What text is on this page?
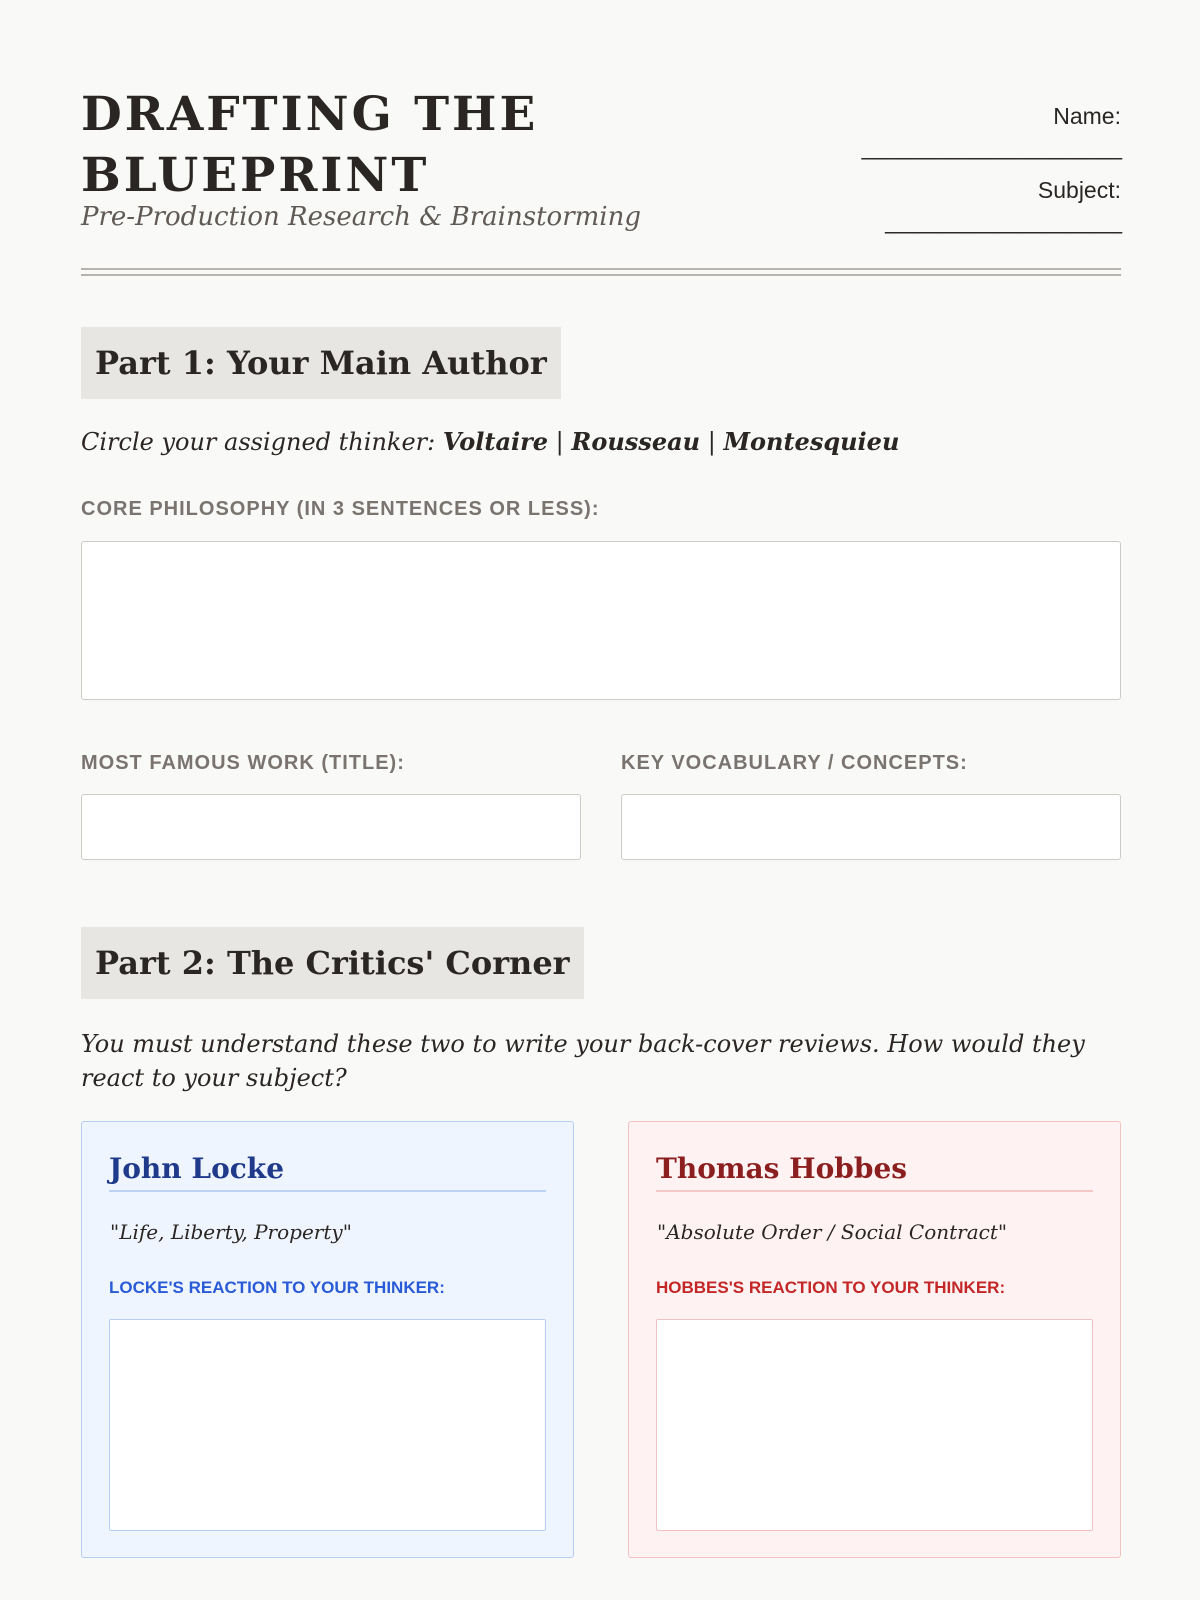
DRAFTING THE
BLUEPRINT
Pre-Production Research & Brainstorming
Name:
______________________
Subject:
____________________
Part 1: Your Main Author
Circle your assigned thinker: Voltaire | Rousseau | Montesquieu
CORE PHILOSOPHY (IN 3 SENTENCES OR LESS):
MOST FAMOUS WORK (TITLE):	KEY VOCABULARY / CONCEPTS:
Part 2: The Critics' Corner
You must understand these two to write your back-cover reviews. How would they react to your subject?
John Locke
"Life, Liberty, Property"
LOCKE'S REACTION TO YOUR THINKER:
Thomas Hobbes
"Absolute Order / Social Contract"
HOBBES'S REACTION TO YOUR THINKER:
